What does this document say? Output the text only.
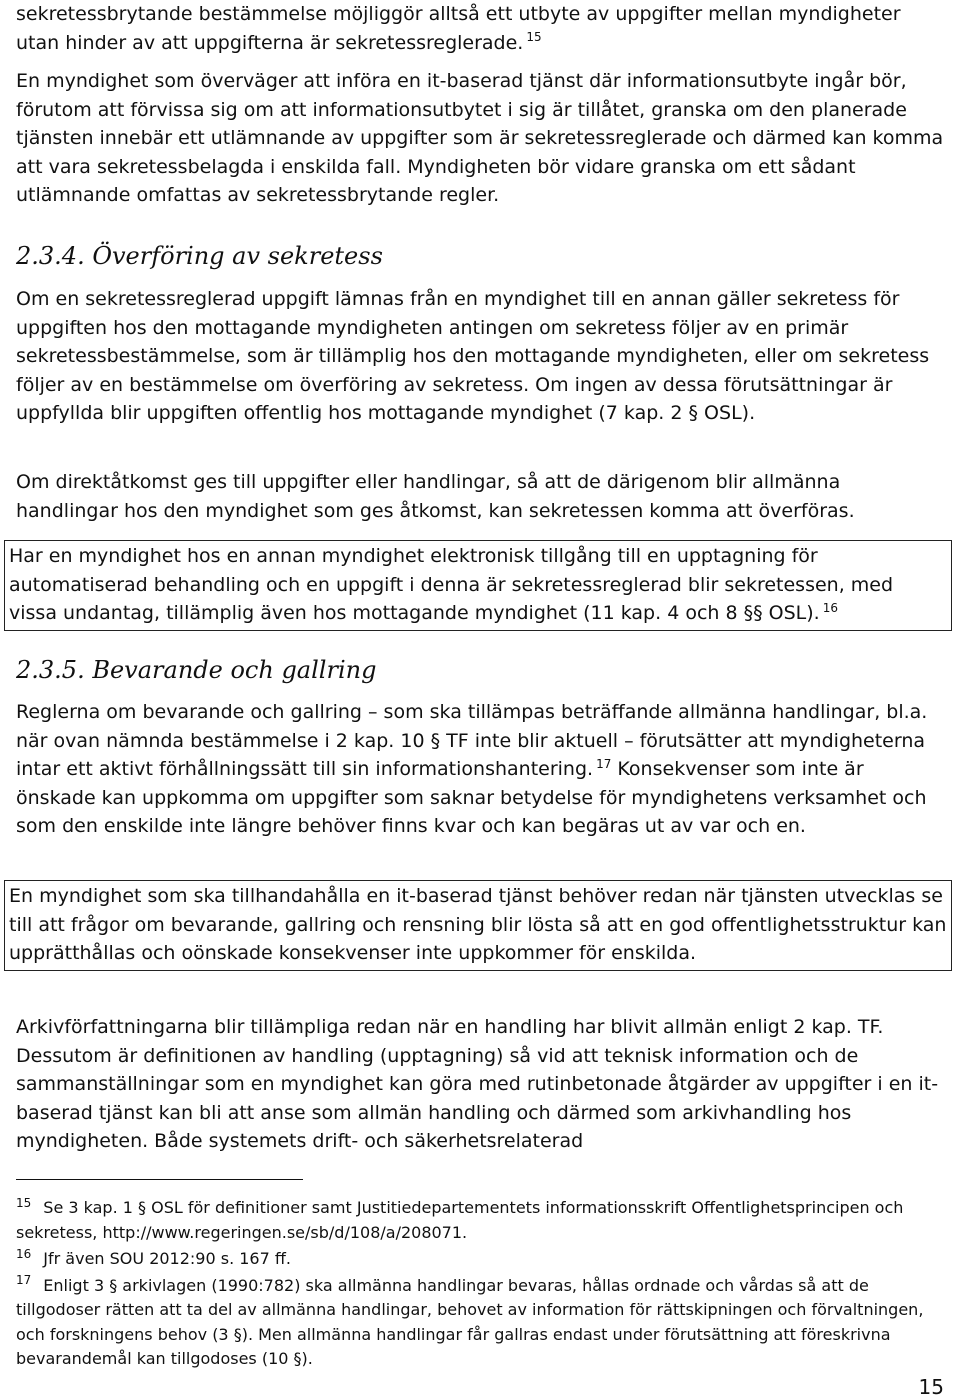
sekretessbrytande bestämmelse möjliggör alltså ett utbyte av uppgifter mellan myndigheter utan hinder av att uppgifterna är sekretessreglerade. $^{15}$

En myndighet som överväger att införa en it-baserad tjänst där informationsutbyte ingår bör, förutom att förvissa sig om att informationsutbytet i sig är tillåtet, granska om den planerade tjänsten innebär ett utlämnande av uppgifter som är sekretessreglerade och därmed kan komma att vara sekretessbelagda i enskilda fall. Myndigheten bör vidare granska om ett sådant utlämnande omfattas av sekretessbrytande regler.

2.3.4. Överföring av sekretess

Om en sekretessreglerad uppgift lämnas från en myndighet till en annan gäller sekretess för uppgiften hos den mottagande myndigheten antingen om sekretess följer av en primär sekretessbestämmelse, som är tillämplig hos den mottagande myndigheten, eller om sekretess följer av en bestämmelse om överföring av sekretess. Om ingen av dessa förutsättningar är uppfyllda blir uppgiften offentlig hos mottagande myndighet (7 kap. 2 § OSL).

Om direktåtkomst ges till uppgifter eller handlingar, så att de därigenom blir allmänna handlingar hos den myndighet som ges åtkomst, kan sekretessen komma att överföras.

Har en myndighet hos en annan myndighet elektronisk tillgång till en upptagning för automatiserad behandling och en uppgift i denna är sekretessreglerad blir sekretessen, med vissa undantag, tillämplig även hos mottagande myndighet (11 kap. 4 och 8 §§ OSL). $^{16}$

2.3.5. Bevarande och gallring

Reglerna om bevarande och gallring – som ska tillämpas beträffande allmänna handlingar, bl.a. när ovan nämnda bestämmelse i 2 kap. 10 § TF inte blir aktuell – förutsätter att myndigheterna intar ett aktivt förhållningssätt till sin informationshantering. $^{17}$ Konsekvenser som inte är önskade kan uppkomma om uppgifter som saknar betydelse för myndighetens verksamhet och som den enskilde inte längre behöver finns kvar och kan begäras ut av var och en.

En myndighet som ska tillhandahålla en it-baserad tjänst behöver redan när tjänsten utvecklas se till att frågor om bevarande, gallring och rensning blir lösta så att en god offentlighetsstruktur kan upprätthållas och oönskade konsekvenser inte uppkommer för enskilda.

Arkivförfattningarna blir tillämpliga redan när en handling har blivit allmän enligt 2 kap. TF. Dessutom är definitionen av handling (upptagning) så vid att teknisk information och de sammanställningar som en myndighet kan göra med rutinbetonade åtgärder av uppgifter i en it-baserad tjänst kan bli att anse som allmän handling och därmed som arkivhandling hos myndigheten. Både systemets drift- och säkerhetsrelaterad

$^{15}$ Se 3 kap. 1 § OSL för definitioner samt Justitiedepartementets informationsskrift Offentlighetsprincipen och sekretess, http://www.regeringen.se/sb/d/108/a/208071.

$^{16}$ Jfr även SOU 2012:90 s. 167 ff.

$^{17}$ Enligt 3 § arkivlagen (1990:782) ska allmänna handlingar bevaras, hållas ordnade och vårdas så att de tillgodoser rätten att ta del av allmänna handlingar, behovet av information för rättskipningen och förvaltningen, och forskningens behov (3 §). Men allmänna handlingar får gallras endast under förutsättning att föreskrivna bevarandemål kan tillgodoses (10 §).

15
